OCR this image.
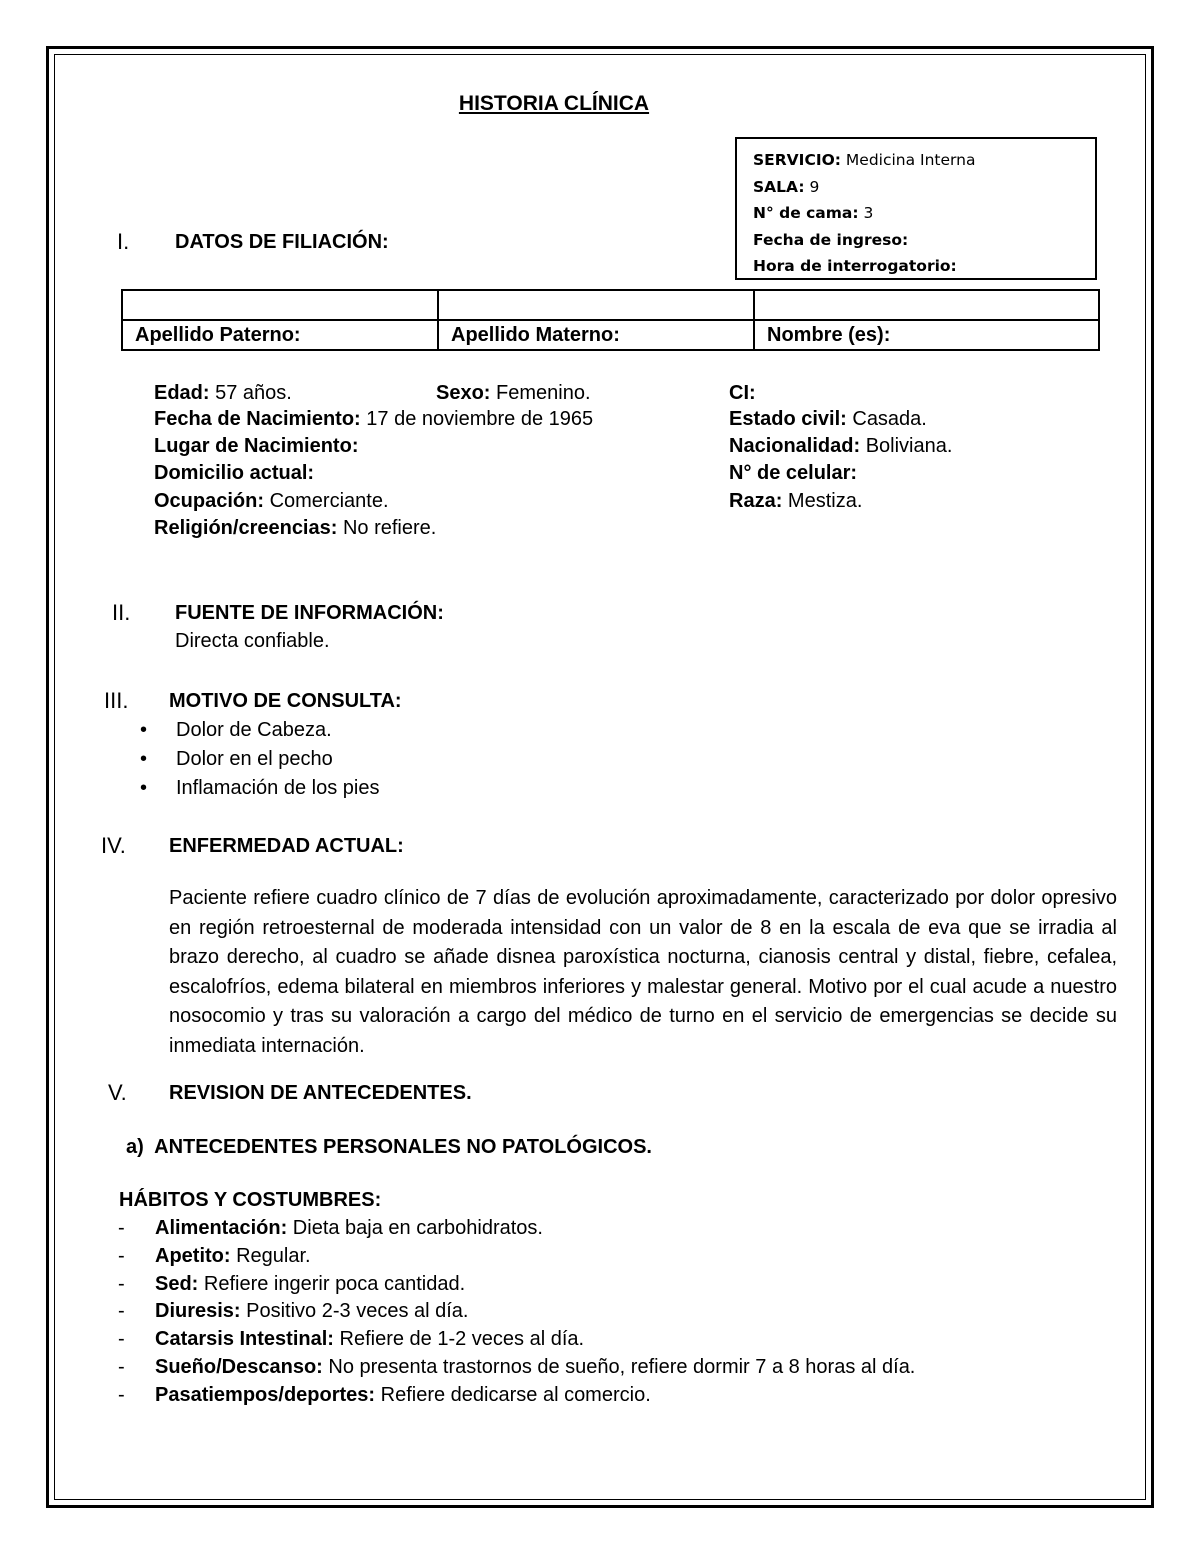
HISTORIA CLÍNICA
SERVICIO: Medicina Interna
SALA: 9
N° de cama: 3
Fecha de ingreso:
Hora de interrogatorio:
I. DATOS DE FILIACIÓN:

Apellido Paterno:	Apellido Materno:	Nombre (es):
Edad: 57 años.	Sexo: Femenino.	CI:
Fecha de Nacimiento: 17 de noviembre de 1965	Estado civil: Casada.
Lugar de Nacimiento:	Nacionalidad: Boliviana.
Domicilio actual:	N° de celular:
Ocupación: Comerciante.	Raza: Mestiza.
Religión/creencias: No refiere.
II. FUENTE DE INFORMACIÓN:
Directa confiable.
III. MOTIVO DE CONSULTA:
• Dolor de Cabeza.
• Dolor en el pecho
• Inflamación de los pies
IV. ENFERMEDAD ACTUAL:
Paciente refiere cuadro clínico de 7 días de evolución aproximadamente, caracterizado por dolor opresivo en región retroesternal de moderada intensidad con un valor de 8 en la escala de eva que se irradia al brazo derecho, al cuadro se añade disnea paroxística nocturna, cianosis central y distal, fiebre, cefalea, escalofríos, edema bilateral en miembros inferiores y malestar general. Motivo por el cual acude a nuestro nosocomio y tras su valoración a cargo del médico de turno en el servicio de emergencias se decide su inmediata internación.
V. REVISION DE ANTECEDENTES.
a)  ANTECEDENTES PERSONALES NO PATOLÓGICOS.
HÁBITOS Y COSTUMBRES:
- Alimentación: Dieta baja en carbohidratos.
- Apetito: Regular.
- Sed: Refiere ingerir poca cantidad.
- Diuresis: Positivo 2-3 veces al día.
- Catarsis Intestinal: Refiere de 1-2 veces al día.
- Sueño/Descanso: No presenta trastornos de sueño, refiere dormir 7 a 8 horas al día.
- Pasatiempos/deportes: Refiere dedicarse al comercio.
